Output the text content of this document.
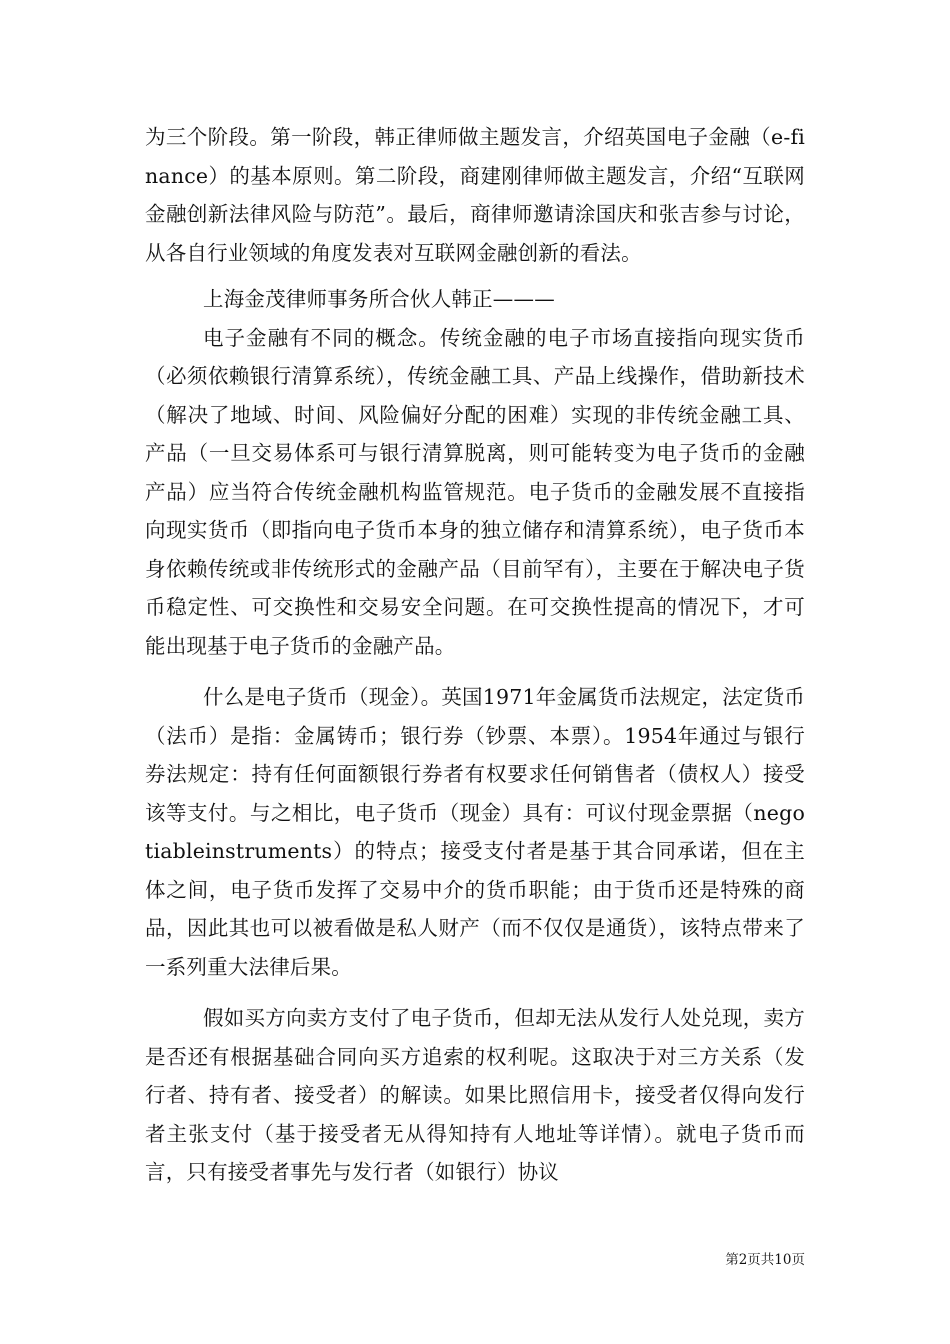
为三个阶段。第一阶段，韩正律师做主题发言，介绍英国电子金融（e-finance）的基本原则。第二阶段，商建刚律师做主题发言，介绍“互联网金融创新法律风险与防范”。最后，商律师邀请涂国庆和张吉参与讨论，从各自行业领域的角度发表对互联网金融创新的看法。

上海金茂律师事务所合伙人韩正———

电子金融有不同的概念。传统金融的电子市场直接指向现实货币（必须依赖银行清算系统），传统金融工具、产品上线操作，借助新技术（解决了地域、时间、风险偏好分配的困难）实现的非传统金融工具、产品（一旦交易体系可与银行清算脱离，则可能转变为电子货币的金融产品）应当符合传统金融机构监管规范。电子货币的金融发展不直接指向现实货币（即指向电子货币本身的独立储存和清算系统），电子货币本身依赖传统或非传统形式的金融产品（目前罕有），主要在于解决电子货币稳定性、可交换性和交易安全问题。在可交换性提高的情况下，才可能出现基于电子货币的金融产品。

什么是电子货币（现金）。英国1971年金属货币法规定，法定货币（法币）是指：金属铸币；银行券（钞票、本票）。1954年通过与银行券法规定：持有任何面额银行券者有权要求任何销售者（债权人）接受该等支付。与之相比，电子货币（现金）具有：可议付现金票据（negotiableinstruments）的特点；接受支付者是基于其合同承诺，但在主体之间，电子货币发挥了交易中介的货币职能；由于货币还是特殊的商品，因此其也可以被看做是私人财产（而不仅仅是通货），该特点带来了一系列重大法律后果。

假如买方向卖方支付了电子货币，但却无法从发行人处兑现，卖方是否还有根据基础合同向买方追索的权利呢。这取决于对三方关系（发行者、持有者、接受者）的解读。如果比照信用卡，接受者仅得向发行者主张支付（基于接受者无从得知持有人地址等详情）。就电子货币而言，只有接受者事先与发行者（如银行）协议

第2页共10页
